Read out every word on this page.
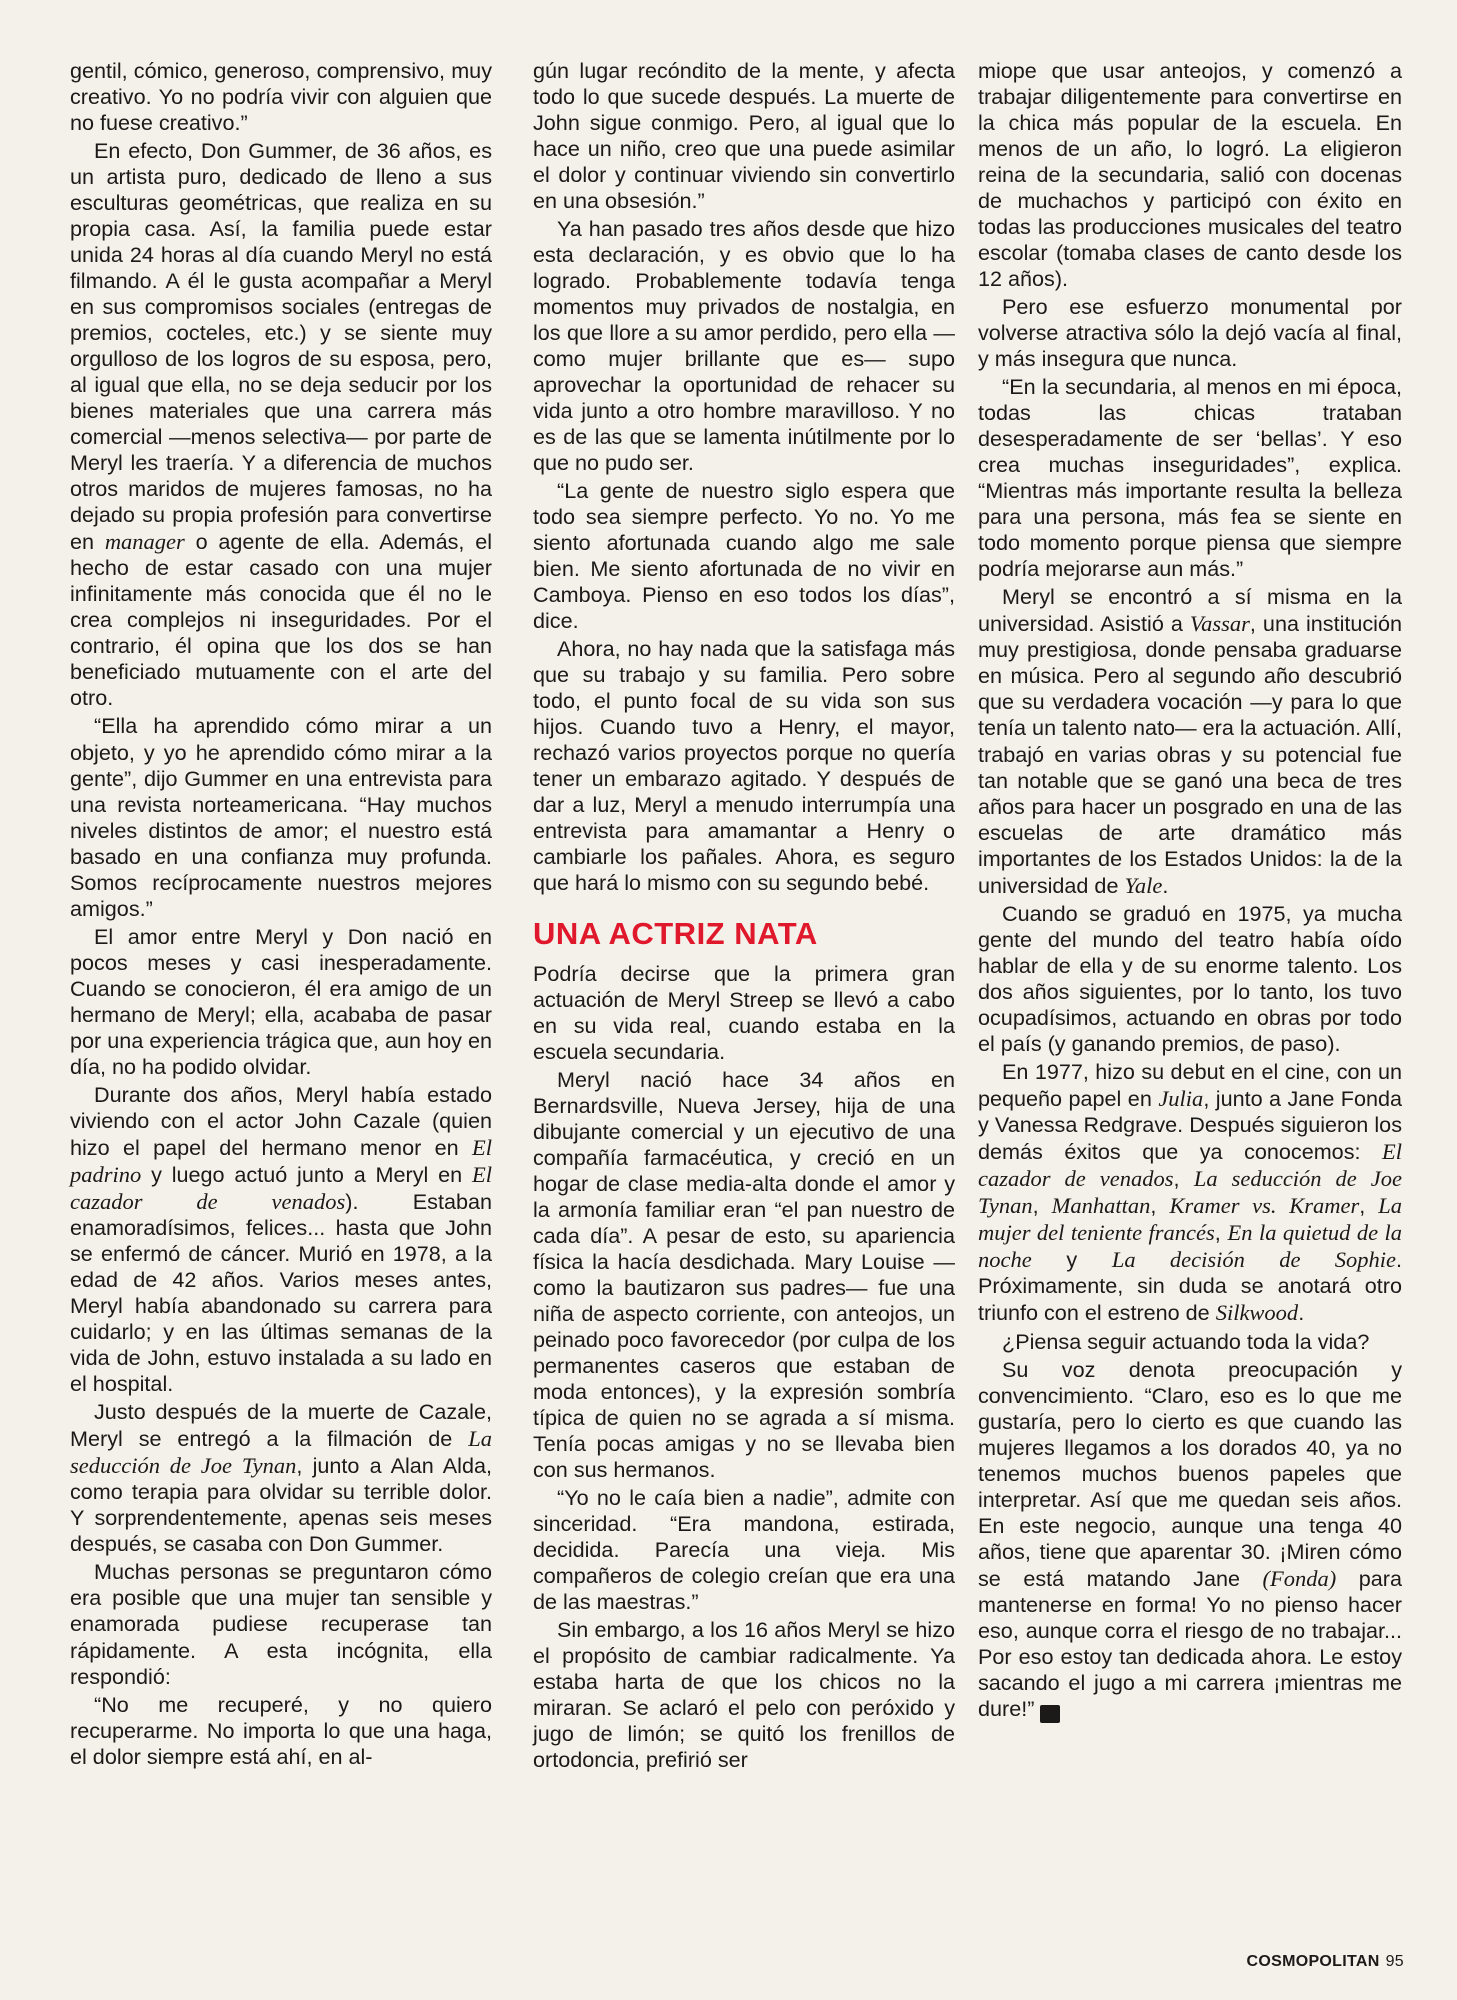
gentil, cómico, generoso, comprensivo, muy creativo. Yo no podría vivir con alguien que no fuese creativo.”

En efecto, Don Gummer, de 36 años, es un artista puro, dedicado de lleno a sus esculturas geométricas, que realiza en su propia casa. Así, la familia puede estar unida 24 horas al día cuando Meryl no está filmando. A él le gusta acompañar a Meryl en sus compromisos sociales (entregas de premios, cocteles, etc.) y se siente muy orgulloso de los logros de su esposa, pero, al igual que ella, no se deja seducir por los bienes materiales que una carrera más comercial —menos selectiva— por parte de Meryl les traería. Y a diferencia de muchos otros maridos de mujeres famosas, no ha dejado su propia profesión para convertirse en manager o agente de ella. Además, el hecho de estar casado con una mujer infinitamente más conocida que él no le crea complejos ni inseguridades. Por el contrario, él opina que los dos se han beneficiado mutuamente con el arte del otro.

“Ella ha aprendido cómo mirar a un objeto, y yo he aprendido cómo mirar a la gente”, dijo Gummer en una entrevista para una revista norteamericana. “Hay muchos niveles distintos de amor; el nuestro está basado en una confianza muy profunda. Somos recíprocamente nuestros mejores amigos.”

El amor entre Meryl y Don nació en pocos meses y casi inesperadamente. Cuando se conocieron, él era amigo de un hermano de Meryl; ella, acababa de pasar por una experiencia trágica que, aun hoy en día, no ha podido olvidar.

Durante dos años, Meryl había estado viviendo con el actor John Cazale (quien hizo el papel del hermano menor en El padrino y luego actuó junto a Meryl en El cazador de venados). Estaban enamoradísimos, felices... hasta que John se enfermó de cáncer. Murió en 1978, a la edad de 42 años. Varios meses antes, Meryl había abandonado su carrera para cuidarlo; y en las últimas semanas de la vida de John, estuvo instalada a su lado en el hospital.

Justo después de la muerte de Cazale, Meryl se entregó a la filmación de La seducción de Joe Tynan, junto a Alan Alda, como terapia para olvidar su terrible dolor. Y sorprendentemente, apenas seis meses después, se casaba con Don Gummer.

Muchas personas se preguntaron cómo era posible que una mujer tan sensible y enamorada pudiese recuperase tan rápidamente. A esta incógnita, ella respondió:

“No me recuperé, y no quiero recuperarme. No importa lo que una haga, el dolor siempre está ahí, en al-

gún lugar recóndito de la mente, y afecta todo lo que sucede después. La muerte de John sigue conmigo. Pero, al igual que lo hace un niño, creo que una puede asimilar el dolor y continuar viviendo sin convertirlo en una obsesión.”

Ya han pasado tres años desde que hizo esta declaración, y es obvio que lo ha logrado. Probablemente todavía tenga momentos muy privados de nostalgia, en los que llore a su amor perdido, pero ella —como mujer brillante que es— supo aprovechar la oportunidad de rehacer su vida junto a otro hombre maravilloso. Y no es de las que se lamenta inútilmente por lo que no pudo ser.

“La gente de nuestro siglo espera que todo sea siempre perfecto. Yo no. Yo me siento afortunada cuando algo me sale bien. Me siento afortunada de no vivir en Camboya. Pienso en eso todos los días”, dice.

Ahora, no hay nada que la satisfaga más que su trabajo y su familia. Pero sobre todo, el punto focal de su vida son sus hijos. Cuando tuvo a Henry, el mayor, rechazó varios proyectos porque no quería tener un embarazo agitado. Y después de dar a luz, Meryl a menudo interrumpía una entrevista para amamantar a Henry o cambiarle los pañales. Ahora, es seguro que hará lo mismo con su segundo bebé.

UNA ACTRIZ NATA

Podría decirse que la primera gran actuación de Meryl Streep se llevó a cabo en su vida real, cuando estaba en la escuela secundaria.

Meryl nació hace 34 años en Bernardsville, Nueva Jersey, hija de una dibujante comercial y un ejecutivo de una compañía farmacéutica, y creció en un hogar de clase media-alta donde el amor y la armonía familiar eran “el pan nuestro de cada día”. A pesar de esto, su apariencia física la hacía desdichada. Mary Louise —como la bautizaron sus padres— fue una niña de aspecto corriente, con anteojos, un peinado poco favorecedor (por culpa de los permanentes caseros que estaban de moda entonces), y la expresión sombría típica de quien no se agrada a sí misma. Tenía pocas amigas y no se llevaba bien con sus hermanos.

“Yo no le caía bien a nadie”, admite con sinceridad. “Era mandona, estirada, decidida. Parecía una vieja. Mis compañeros de colegio creían que era una de las maestras.”

Sin embargo, a los 16 años Meryl se hizo el propósito de cambiar radicalmente. Ya estaba harta de que los chicos no la miraran. Se aclaró el pelo con peróxido y jugo de limón; se quitó los frenillos de ortodoncia, prefirió ser

miope que usar anteojos, y comenzó a trabajar diligentemente para convertirse en la chica más popular de la escuela. En menos de un año, lo logró. La eligieron reina de la secundaria, salió con docenas de muchachos y participó con éxito en todas las producciones musicales del teatro escolar (tomaba clases de canto desde los 12 años).

Pero ese esfuerzo monumental por volverse atractiva sólo la dejó vacía al final, y más insegura que nunca.

“En la secundaria, al menos en mi época, todas las chicas trataban desesperadamente de ser ‘bellas’. Y eso crea muchas inseguridades”, explica. “Mientras más importante resulta la belleza para una persona, más fea se siente en todo momento porque piensa que siempre podría mejorarse aun más.”

Meryl se encontró a sí misma en la universidad. Asistió a Vassar, una institución muy prestigiosa, donde pensaba graduarse en música. Pero al segundo año descubrió que su verdadera vocación —y para lo que tenía un talento nato— era la actuación. Allí, trabajó en varias obras y su potencial fue tan notable que se ganó una beca de tres años para hacer un posgrado en una de las escuelas de arte dramático más importantes de los Estados Unidos: la de la universidad de Yale.

Cuando se graduó en 1975, ya mucha gente del mundo del teatro había oído hablar de ella y de su enorme talento. Los dos años siguientes, por lo tanto, los tuvo ocupadísimos, actuando en obras por todo el país (y ganando premios, de paso).

En 1977, hizo su debut en el cine, con un pequeño papel en Julia, junto a Jane Fonda y Vanessa Redgrave. Después siguieron los demás éxitos que ya conocemos: El cazador de venados, La seducción de Joe Tynan, Manhattan, Kramer vs. Kramer, La mujer del teniente francés, En la quietud de la noche y La decisión de Sophie. Próximamente, sin duda se anotará otro triunfo con el estreno de Silkwood.

¿Piensa seguir actuando toda la vida?

Su voz denota preocupación y convencimiento. “Claro, eso es lo que me gustaría, pero lo cierto es que cuando las mujeres llegamos a los dorados 40, ya no tenemos muchos buenos papeles que interpretar. Así que me quedan seis años. En este negocio, aunque una tenga 40 años, tiene que aparentar 30. ¡Miren cómo se está matando Jane (Fonda) para mantenerse en forma! Yo no pienso hacer eso, aunque corra el riesgo de no trabajar... Por eso estoy tan dedicada ahora. Le estoy sacando el jugo a mi carrera ¡mientras me dure!” C

COSMOPOLITAN 95
